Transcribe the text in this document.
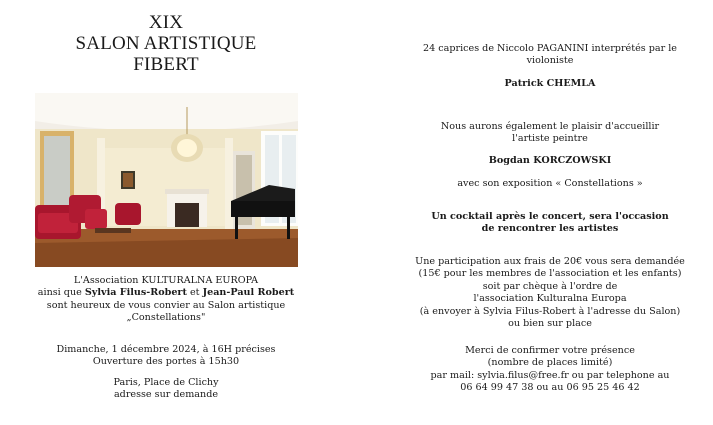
XIX
SALON ARTISTIQUE
FIBERT
L'Association KULTURALNA EUROPA
ainsi que Sylvia Filus-Robert et Jean-Paul Robert
sont heureux de vous convier au Salon artistique
„Constellations"
Dimanche, 1 décembre 2024, à 16H précises
Ouverture des portes à 15h30
Paris, Place de Clichy
adresse sur demande
24 caprices de Niccolo PAGANINI interprétés par le
violoniste
Patrick CHEMLA
Nous aurons également le plaisir d'accueillir
l'artiste peintre
Bogdan KORCZOWSKI
avec son exposition « Constellations »
Un cocktail après le concert, sera l'occasion
de rencontrer les artistes
Une participation aux frais de 20€ vous sera demandée
(15€ pour les membres de l'association et les enfants)
soit par chèque à l'ordre de
l'association Kulturalna Europa
(à envoyer à Sylvia Filus-Robert à l'adresse du Salon)
ou bien sur place
Merci de confirmer votre présence
(nombre de places limité)
par mail: sylvia.filus@free.fr ou par telephone au
06 64 99 47 38 ou au 06 95 25 46 42
